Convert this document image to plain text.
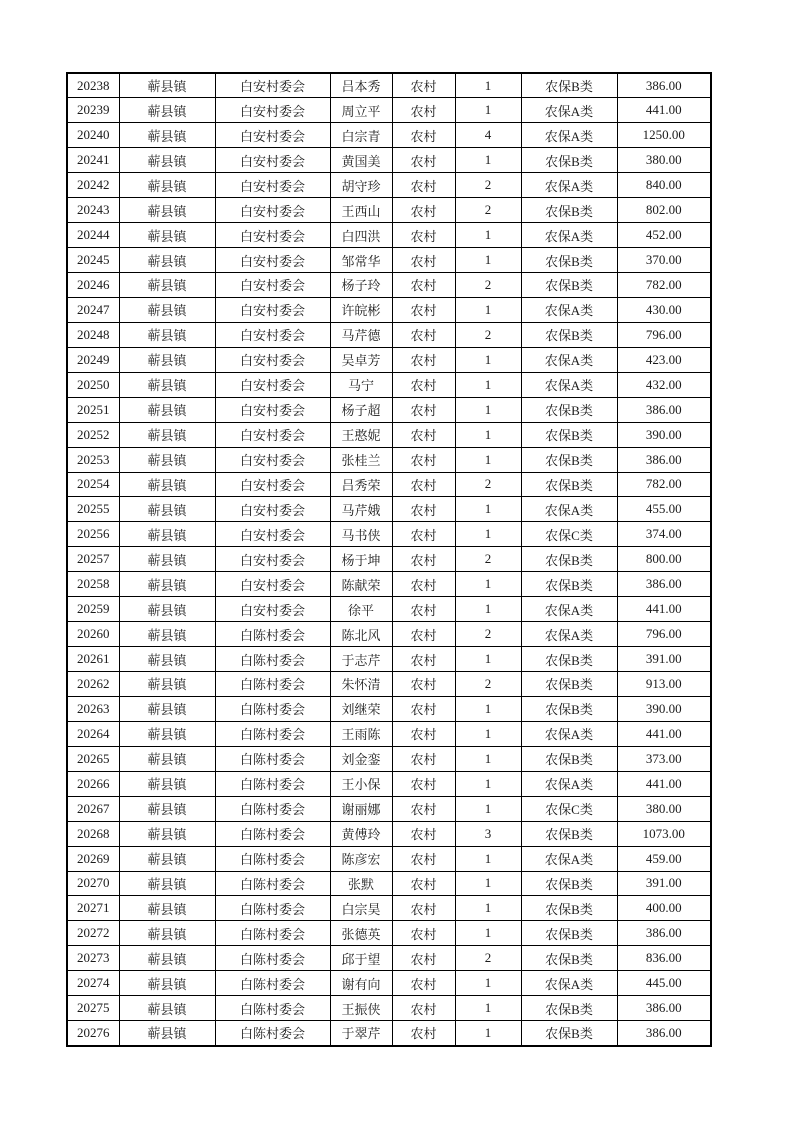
20238	蕲县镇	白安村委会	吕本秀	农村	1	农保B类	386.00
20239	蕲县镇	白安村委会	周立平	农村	1	农保A类	441.00
20240	蕲县镇	白安村委会	白宗青	农村	4	农保A类	1250.00
20241	蕲县镇	白安村委会	黄国美	农村	1	农保B类	380.00
20242	蕲县镇	白安村委会	胡守珍	农村	2	农保A类	840.00
20243	蕲县镇	白安村委会	王西山	农村	2	农保B类	802.00
20244	蕲县镇	白安村委会	白四洪	农村	1	农保A类	452.00
20245	蕲县镇	白安村委会	邹常华	农村	1	农保B类	370.00
20246	蕲县镇	白安村委会	杨子玲	农村	2	农保B类	782.00
20247	蕲县镇	白安村委会	许皖彬	农村	1	农保A类	430.00
20248	蕲县镇	白安村委会	马芹德	农村	2	农保B类	796.00
20249	蕲县镇	白安村委会	吴卓芳	农村	1	农保A类	423.00
20250	蕲县镇	白安村委会	马宁	农村	1	农保A类	432.00
20251	蕲县镇	白安村委会	杨子超	农村	1	农保B类	386.00
20252	蕲县镇	白安村委会	王憨妮	农村	1	农保B类	390.00
20253	蕲县镇	白安村委会	张桂兰	农村	1	农保B类	386.00
20254	蕲县镇	白安村委会	吕秀荣	农村	2	农保B类	782.00
20255	蕲县镇	白安村委会	马芹娥	农村	1	农保A类	455.00
20256	蕲县镇	白安村委会	马书侠	农村	1	农保C类	374.00
20257	蕲县镇	白安村委会	杨于坤	农村	2	农保B类	800.00
20258	蕲县镇	白安村委会	陈献荣	农村	1	农保B类	386.00
20259	蕲县镇	白安村委会	徐平	农村	1	农保A类	441.00
20260	蕲县镇	白陈村委会	陈北风	农村	2	农保A类	796.00
20261	蕲县镇	白陈村委会	于志芹	农村	1	农保B类	391.00
20262	蕲县镇	白陈村委会	朱怀清	农村	2	农保B类	913.00
20263	蕲县镇	白陈村委会	刘继荣	农村	1	农保B类	390.00
20264	蕲县镇	白陈村委会	王雨陈	农村	1	农保A类	441.00
20265	蕲县镇	白陈村委会	刘金銮	农村	1	农保B类	373.00
20266	蕲县镇	白陈村委会	王小保	农村	1	农保A类	441.00
20267	蕲县镇	白陈村委会	谢丽娜	农村	1	农保C类	380.00
20268	蕲县镇	白陈村委会	黄傅玲	农村	3	农保B类	1073.00
20269	蕲县镇	白陈村委会	陈彦宏	农村	1	农保A类	459.00
20270	蕲县镇	白陈村委会	张默	农村	1	农保B类	391.00
20271	蕲县镇	白陈村委会	白宗昊	农村	1	农保B类	400.00
20272	蕲县镇	白陈村委会	张德英	农村	1	农保B类	386.00
20273	蕲县镇	白陈村委会	邱于望	农村	2	农保B类	836.00
20274	蕲县镇	白陈村委会	谢有向	农村	1	农保A类	445.00
20275	蕲县镇	白陈村委会	王振侠	农村	1	农保B类	386.00
20276	蕲县镇	白陈村委会	于翠芹	农村	1	农保B类	386.00
